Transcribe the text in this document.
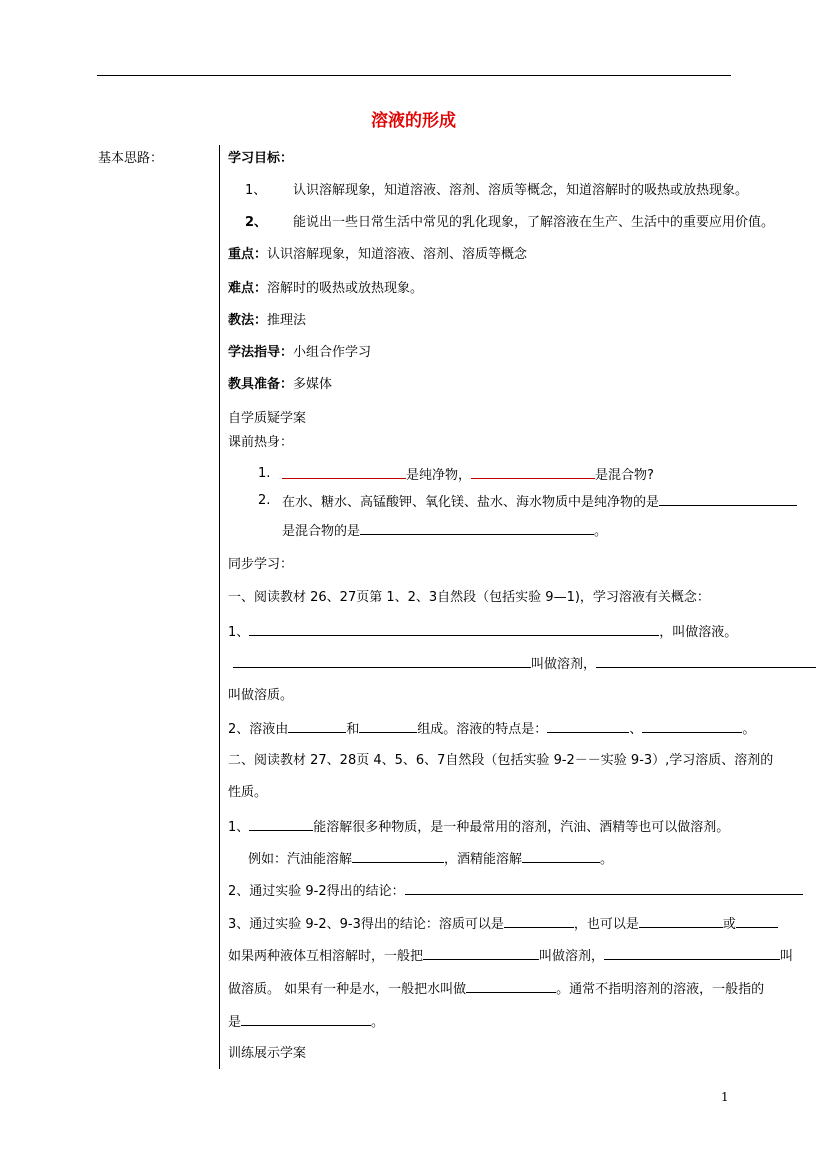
溶液的形成
基本思路：	学习目标：
1、 认识溶解现象，知道溶液、溶剂、溶质等概念，知道溶解时的吸热或放热现象。
2、 能说出一些日常生活中常见的乳化现象，了解溶液在生产、生活中的重要应用价值。
重点：认识溶解现象，知道溶液、溶剂、溶质等概念
难点：溶解时的吸热或放热现象。
教法：推理法
学法指导：小组合作学习
教具准备：多媒体
自学质疑学案
课前热身：
1.	是纯净物，	是混合物?
2. 在水、糖水、高锰酸钾、氧化镁、盐水、海水物质中是纯净物的是
是混合物的是	。
同步学习：
一、阅读教材 26、27页第 1、2、3自然段（包括实验 9—1)，学习溶液有关概念：
1、	，叫做溶液。
叫做溶剂，
叫做溶质。
2、溶液由	和	组成。溶液的特点是：	、	。
二、阅读教材 27、28页 4、5、6、7自然段（包括实验 9-2－－实验 9-3）,学习溶质、溶剂的
性质。
1、	能溶解很多种物质，是一种最常用的溶剂，汽油、酒精等也可以做溶剂。
例如：汽油能溶解	，酒精能溶解	。
2、通过实验 9-2得出的结论：
3、通过实验 9-2、9-3得出的结论：溶质可以是	，也可以是	或
如果两种液体互相溶解时，一般把	叫做溶剂，	叫
做溶质。 如果有一种是水，一般把水叫做	。通常不指明溶剂的溶液，一般指的
是	。
训练展示学案
1
